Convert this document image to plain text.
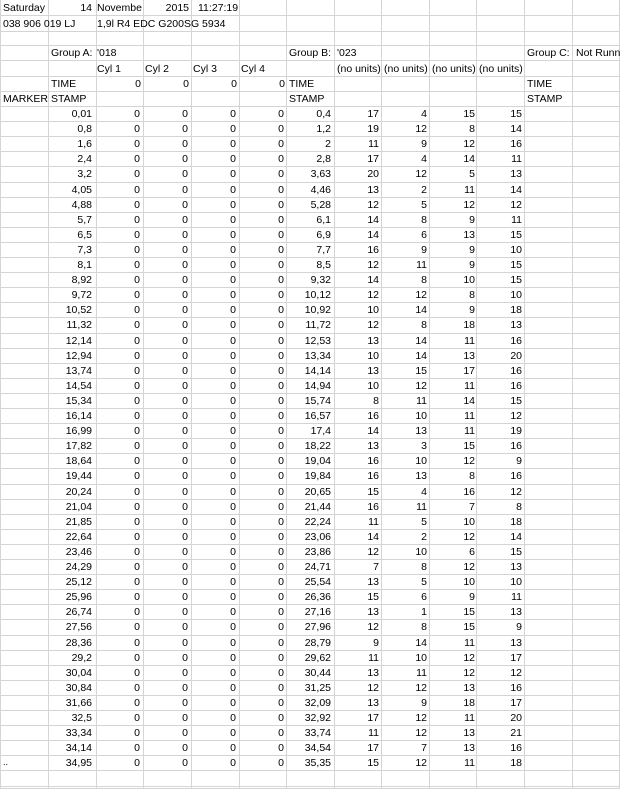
Saturday	14 Novembe	2015 11:27:19
038 906 019 LJ 1,9l R4 EDC G200SG 5934
Group A: '018	Group B: '023	Group C: Not Runn
Cyl 1 Cyl 2 Cyl 3 Cyl 4	(no units) (no units) (no units) (no units)
TIME	0	0	0	0 TIME	TIME
MARKER STAMP	STAMP	STAMP
..
0,01	0	0	0	0	0,4	17	4	15	15
0,8	0	0	0	0	1,2	19	12	8	14
1,6	0	0	0	0	2	11	9	12	16
2,4	0	0	0	0	2,8	17	4	14	11
3,2	0	0	0	0	3,63	20	12	5	13
4,05	0	0	0	0	4,46	13	2	11	14
4,88	0	0	0	0	5,28	12	5	12	12
5,7	0	0	0	0	6,1	14	8	9	11
6,5	0	0	0	0	6,9	14	6	13	15
7,3	0	0	0	0	7,7	16	9	9	10
8,1	0	0	0	0	8,5	12	11	9	15
8,92	0	0	0	0	9,32	14	8	10	15
9,72	0	0	0	0	10,12	12	12	8	10
10,52	0	0	0	0	10,92	10	14	9	18
11,32	0	0	0	0	11,72	12	8	18	13
12,14	0	0	0	0	12,53	13	14	11	16
12,94	0	0	0	0	13,34	10	14	13	20
13,74	0	0	0	0	14,14	13	15	17	16
14,54	0	0	0	0	14,94	10	12	11	16
15,34	0	0	0	0	15,74	8	11	14	15
16,14	0	0	0	0	16,57	16	10	11	12
16,99	0	0	0	0	17,4	14	13	11	19
17,82	0	0	0	0	18,22	13	3	15	16
18,64	0	0	0	0	19,04	16	10	12	9
19,44	0	0	0	0	19,84	16	13	8	16
20,24	0	0	0	0	20,65	15	4	16	12
21,04	0	0	0	0	21,44	16	11	7	8
21,85	0	0	0	0	22,24	11	5	10	18
22,64	0	0	0	0	23,06	14	2	12	14
23,46	0	0	0	0	23,86	12	10	6	15
24,29	0	0	0	0	24,71	7	8	12	13
25,12	0	0	0	0	25,54	13	5	10	10
25,96	0	0	0	0	26,36	15	6	9	11
26,74	0	0	0	0	27,16	13	1	15	13
27,56	0	0	0	0	27,96	12	8	15	9
28,36	0	0	0	0	28,79	9	14	11	13
29,2	0	0	0	0	29,62	11	10	12	17
30,04	0	0	0	0	30,44	13	11	12	12
30,84	0	0	0	0	31,25	12	12	13	16
31,66	0	0	0	0	32,09	13	9	18	17
32,5	0	0	0	0	32,92	17	12	11	20
33,34	0	0	0	0	33,74	11	12	13	21
34,14	0	0	0	0	34,54	17	7	13	16
34,95	0	0	0	0	35,35	15	12	11	18
